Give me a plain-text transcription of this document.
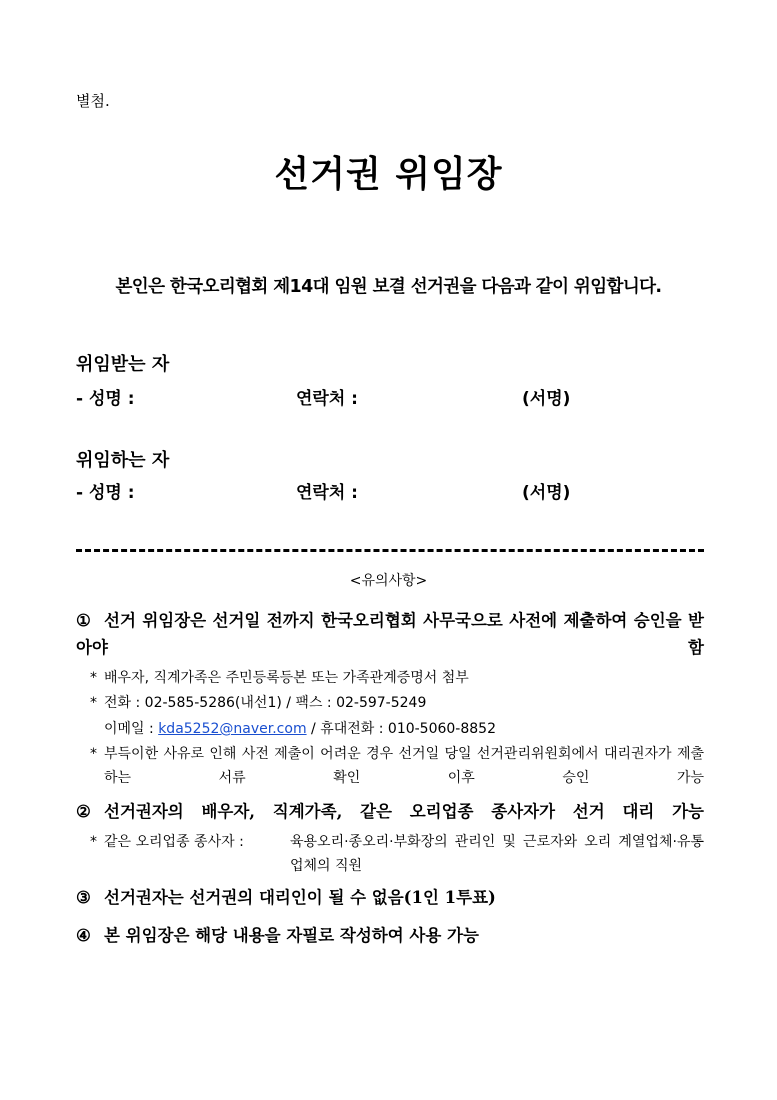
별첨.
선거권 위임장
본인은 한국오리협회 제14대 임원 보결 선거권을 다음과 같이 위임합니다.
위임받는 자
- 성명 :	연락처 :	(서명)
위임하는 자
- 성명 :	연락처 :	(서명)
<유의사항>
① 선거 위임장은 선거일 전까지 한국오리협회 사무국으로 사전에 제출하여 승인을 받아야 함
* 배우자, 직계가족은 주민등록등본 또는 가족관계증명서 첨부
* 전화 : 02-585-5286(내선1) / 팩스 : 02-597-5249
이메일 : kda5252@naver.com / 휴대전화 : 010-5060-8852
* 부득이한 사유로 인해 사전 제출이 어려운 경우 선거일 당일 선거관리위원회에서 대리권자가 제출하는 서류 확인 이후 승인 가능
② 선거권자의 배우자, 직계가족, 같은 오리업종 종사자가 선거 대리 가능
* 같은 오리업종 종사자 :	육용오리·종오리·부화장의 관리인 및 근로자와 오리 계열업체·유통업체의 직원
③ 선거권자는 선거권의 대리인이 될 수 없음(1인 1투표)
④ 본 위임장은 해당 내용을 자필로 작성하여 사용 가능
